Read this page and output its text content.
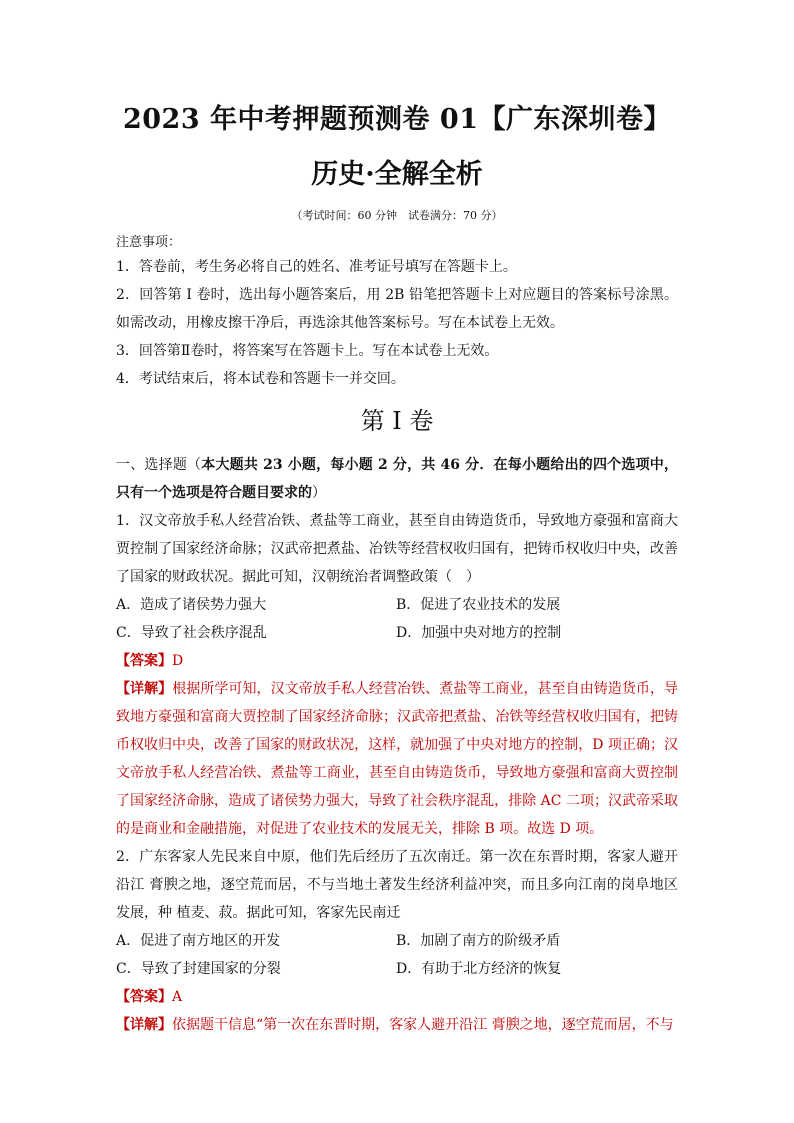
2023 年中考押题预测卷 01【广东深圳卷】
历史·全解全析
（考试时间：60 分钟　试卷满分：70 分）
注意事项：

1．答卷前，考生务必将自己的姓名、准考证号填写在答题卡上。

2．回答第 I 卷时，选出每小题答案后，用 2B 铅笔把答题卡上对应题目的答案标号涂黑。如需改动，用橡皮擦干净后，再选涂其他答案标号。写在本试卷上无效。

3．回答第Ⅱ卷时，将答案写在答题卡上。写在本试卷上无效。

4．考试结束后，将本试卷和答题卡一并交回。

第 I 卷

一、选择题（本大题共 23 小题，每小题 2 分，共 46 分．在每小题给出的四个选项中，只有一个选项是符合题目要求的）

1．汉文帝放手私人经营冶铁、煮盐等工商业，甚至自由铸造货币，导致地方豪强和富商大贾控制了国家经济命脉；汉武帝把煮盐、冶铁等经营权收归国有，把铸币权收归中央，改善了国家的财政状况。据此可知，汉朝统治者调整政策（　）

A．造成了诸侯势力强大	B．促进了农业技术的发展
C．导致了社会秩序混乱	D．加强中央对地方的控制

【答案】D

【详解】根据所学可知，汉文帝放手私人经营冶铁、煮盐等工商业，甚至自由铸造货币，导致地方豪强和富商大贾控制了国家经济命脉；汉武帝把煮盐、冶铁等经营权收归国有，把铸币权收归中央，改善了国家的财政状况，这样，就加强了中央对地方的控制，D 项正确；汉文帝放手私人经营冶铁、煮盐等工商业，甚至自由铸造货币，导致地方豪强和富商大贾控制了国家经济命脉，造成了诸侯势力强大，导致了社会秩序混乱，排除 AC 二项；汉武帝采取的是商业和金融措施，对促进了农业技术的发展无关，排除 B 项。故选 D 项。

2．广东客家人先民来自中原，他们先后经历了五次南迁。第一次在东晋时期，客家人避开沿江 膏腴之地，逐空荒而居，不与当地土著发生经济利益冲突，而且多向江南的岗阜地区发展，种 植麦、菽。据此可知，客家先民南迁

A．促进了南方地区的开发	B．加剧了南方的阶级矛盾
C．导致了封建国家的分裂	D．有助于北方经济的恢复

【答案】A

【详解】依据题干信息“第一次在东晋时期，客家人避开沿江 膏腴之地，逐空荒而居，不与
